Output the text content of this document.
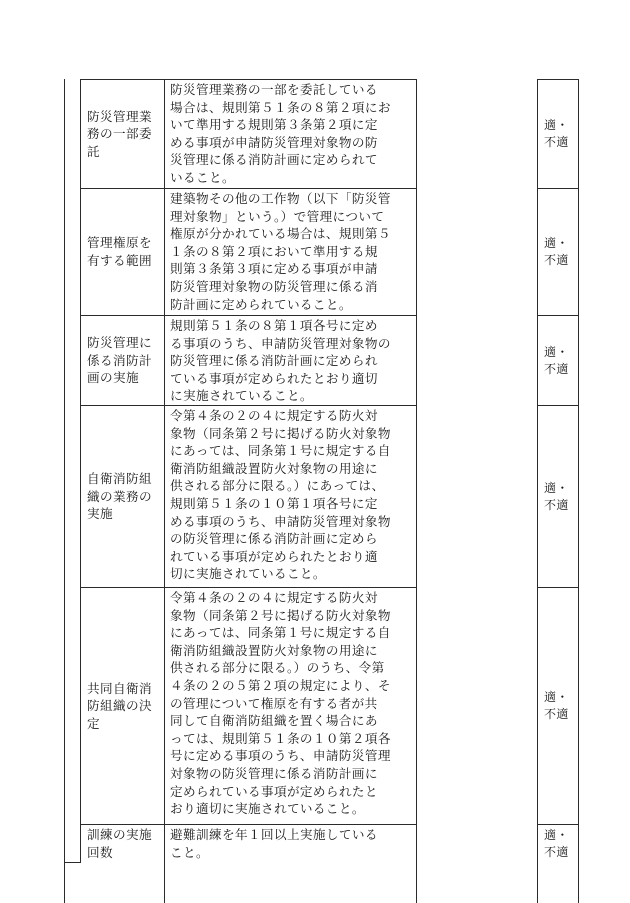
防災管理業
務の一部委
託
防災管理業務の一部を委託している
場合は、規則第５１条の８第２項にお
いて準用する規則第３条第２項に定
める事項が申請防災管理対象物の防
災管理に係る消防計画に定められて
いること。
適・
不適
管理権原を
有する範囲
建築物その他の工作物（以下「防災管
理対象物」という。）で管理について
権原が分かれている場合は、規則第５
１条の８第２項において準用する規
則第３条第３項に定める事項が申請
防災管理対象物の防災管理に係る消
防計画に定められていること。
適・
不適
防災管理に
係る消防計
画の実施
規則第５１条の８第１項各号に定め
る事項のうち、申請防災管理対象物の
防災管理に係る消防計画に定められ
ている事項が定められたとおり適切
に実施されていること。
適・
不適
自衛消防組
織の業務の
実施
令第４条の２の４に規定する防火対
象物（同条第２号に掲げる防火対象物
にあっては、同条第１号に規定する自
衛消防組織設置防火対象物の用途に
供される部分に限る。）にあっては、
規則第５１条の１０第１項各号に定
める事項のうち、申請防災管理対象物
の防災管理に係る消防計画に定めら
れている事項が定められたとおり適
切に実施されていること。
適・
不適
共同自衛消
防組織の決
定
令第４条の２の４に規定する防火対
象物（同条第２号に掲げる防火対象物
にあっては、同条第１号に規定する自
衛消防組織設置防火対象物の用途に
供される部分に限る。）のうち、令第
４条の２の５第２項の規定により、そ
の管理について権原を有する者が共
同して自衛消防組織を置く場合にあ
っては、規則第５１条の１０第２項各
号に定める事項のうち、申請防災管理
対象物の防災管理に係る消防計画に
定められている事項が定められたと
おり適切に実施されていること。
適・
不適
訓練の実施
回数
避難訓練を年１回以上実施している
こと。
適・
不適
